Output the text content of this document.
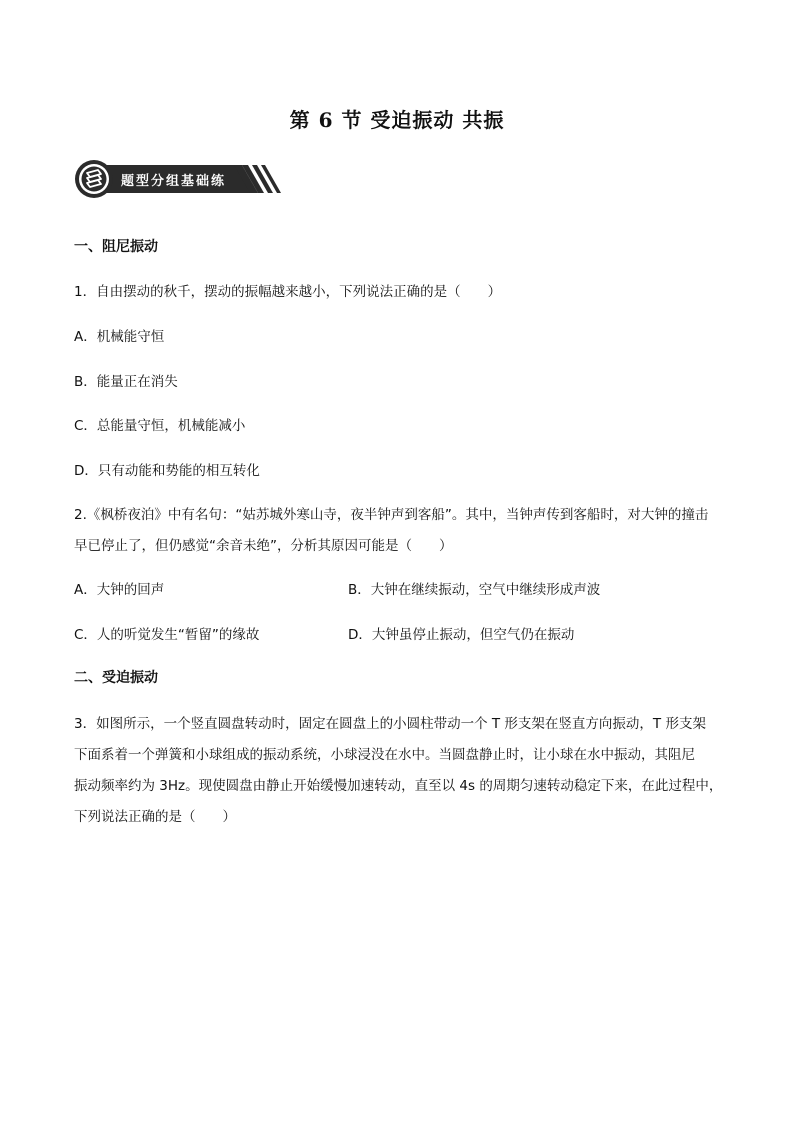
第 6 节 受迫振动 共振
题型分组基础练
一、阻尼振动
1．自由摆动的秋千，摆动的振幅越来越小，下列说法正确的是（　　）
A．机械能守恒
B．能量正在消失
C．总能量守恒，机械能减小
D．只有动能和势能的相互转化
2.《枫桥夜泊》中有名句：“姑苏城外寒山寺，夜半钟声到客船”。其中，当钟声传到客船时，对大钟的撞击
早已停止了，但仍感觉“余音未绝”，分析其原因可能是（　　）
A．大钟的回声	B．大钟在继续振动，空气中继续形成声波
C．人的听觉发生“暂留”的缘故	D．大钟虽停止振动，但空气仍在振动
二、受迫振动
3．如图所示，一个竖直圆盘转动时，固定在圆盘上的小圆柱带动一个 T 形支架在竖直方向振动，T 形支架
下面系着一个弹簧和小球组成的振动系统，小球浸没在水中。当圆盘静止时，让小球在水中振动，其阻尼
振动频率约为 3Hz。现使圆盘由静止开始缓慢加速转动，直至以 4s 的周期匀速转动稳定下来，在此过程中，
下列说法正确的是（　　）
